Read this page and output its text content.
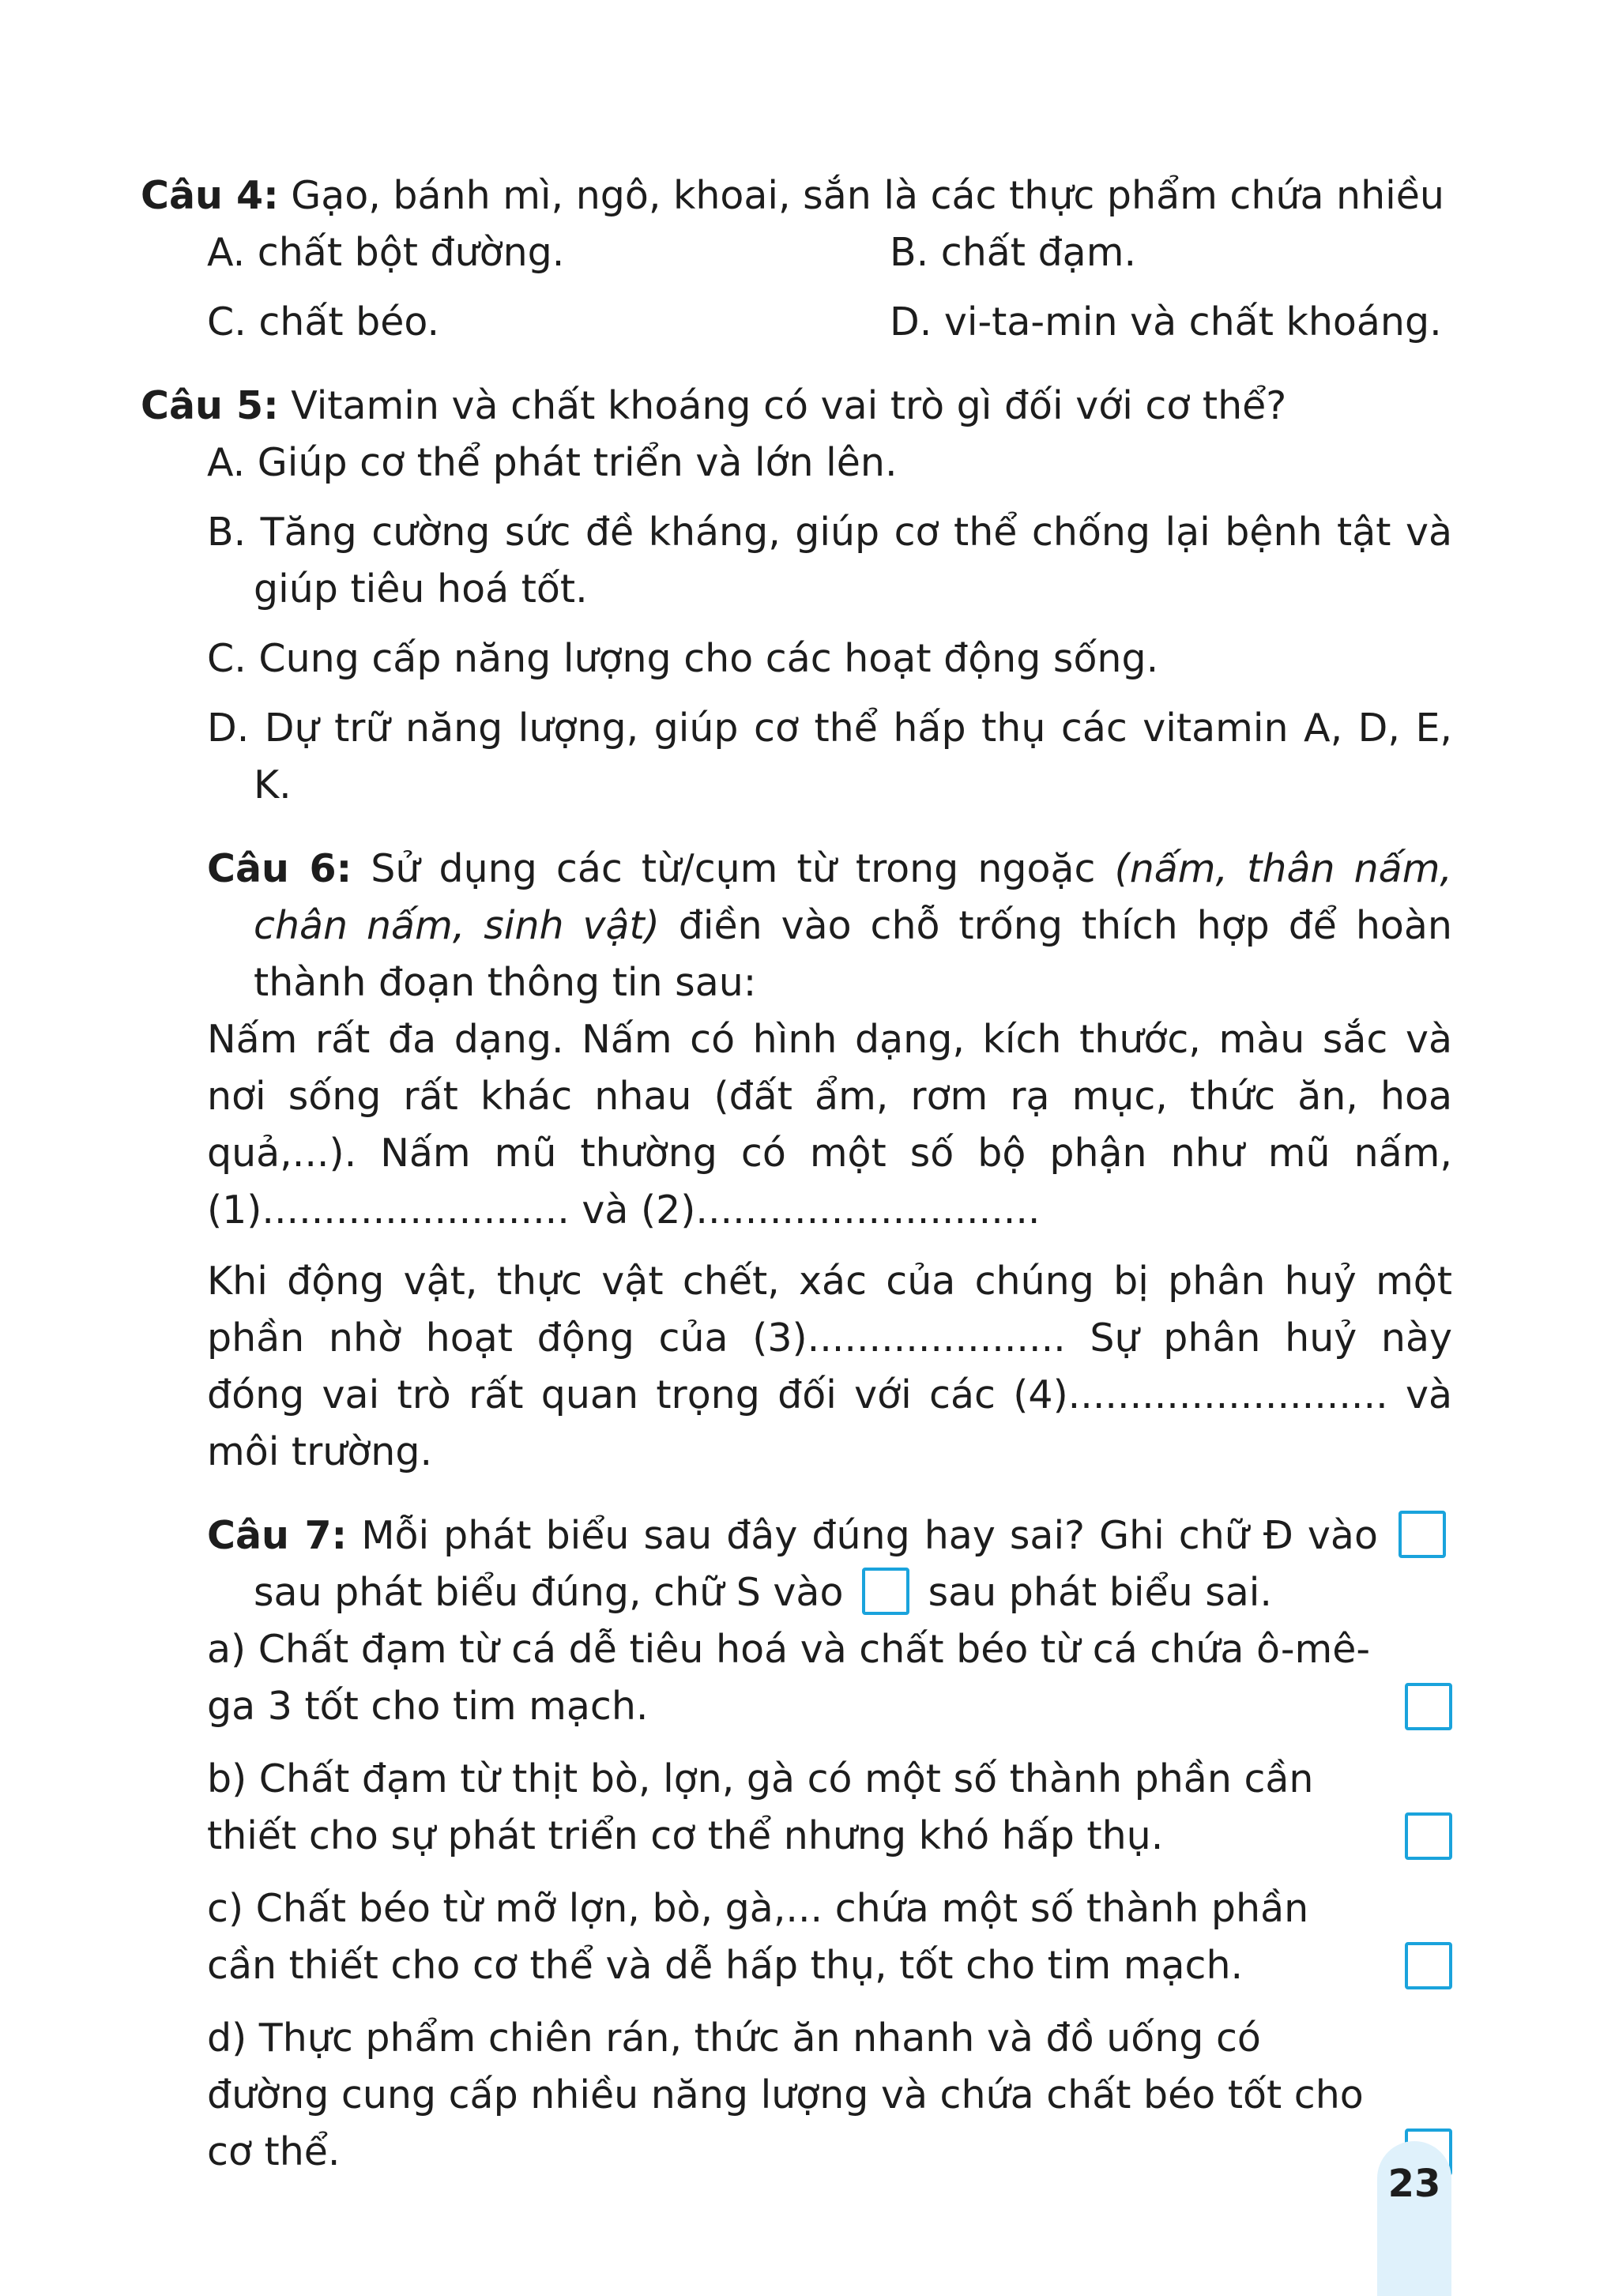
Câu 4: Gạo, bánh mì, ngô, khoai, sắn là các thực phẩm chứa nhiều

A. chất bột đường.	B. chất đạm.

C. chất béo.	D. vi-ta-min và chất khoáng.

Câu 5: Vitamin và chất khoáng có vai trò gì đối với cơ thể?

A. Giúp cơ thể phát triển và lớn lên.

B. Tăng cường sức đề kháng, giúp cơ thể chống lại bệnh tật và giúp tiêu hoá tốt.

C. Cung cấp năng lượng cho các hoạt động sống.

D. Dự trữ năng lượng, giúp cơ thể hấp thụ các vitamin A, D, E, K.

Câu 6: Sử dụng các từ/cụm từ trong ngoặc (nấm, thân nấm, chân nấm, sinh vật) điền vào chỗ trống thích hợp để hoàn thành đoạn thông tin sau:

Nấm rất đa dạng. Nấm có hình dạng, kích thước, màu sắc và nơi sống rất khác nhau (đất ẩm, rơm rạ mục, thức ăn, hoa quả,...). Nấm mũ thường có một số bộ phận như mũ nấm, (1)......................... và (2)............................

Khi động vật, thực vật chết, xác của chúng bị phân huỷ một phần nhờ hoạt động của (3)..................... Sự phân huỷ này đóng vai trò rất quan trọng đối với các (4).......................... và môi trường.

Câu 7: Mỗi phát biểu sau đây đúng hay sai? Ghi chữ Đ vào  sau phát biểu đúng, chữ S vào sau phát biểu sai.

a) Chất đạm từ cá dễ tiêu hoá và chất béo từ cá chứa ô-mê-ga 3 tốt cho tim mạch.

b) Chất đạm từ thịt bò, lợn, gà có một số thành phần cần thiết cho sự phát triển cơ thể nhưng khó hấp thụ.

c) Chất béo từ mỡ lợn, bò, gà,... chứa một số thành phần cần thiết cho cơ thể và dễ hấp thụ, tốt cho tim mạch.

d) Thực phẩm chiên rán, thức ăn nhanh và đồ uống có đường cung cấp nhiều năng lượng và chứa chất béo tốt cho cơ thể.

23
